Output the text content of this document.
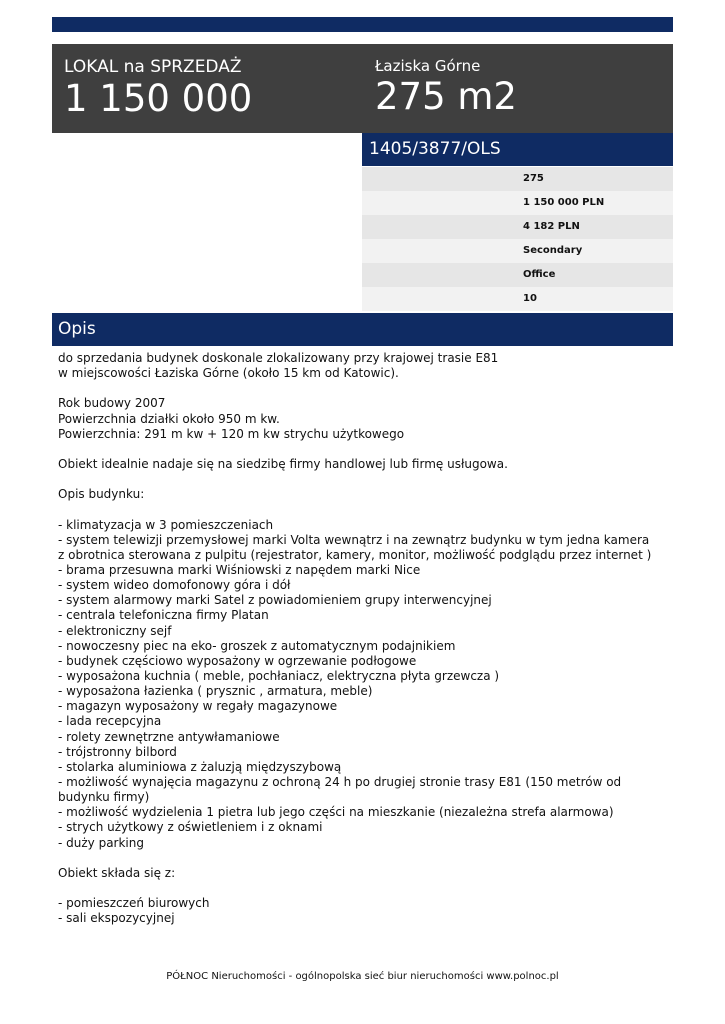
LOKAL na SPRZEDAŻ
1 150 000
Łaziska Górne
275 m2
1405/3877/OLS
275
1 150 000 PLN
4 182 PLN
Secondary
Office
10
Opis
do sprzedania budynek doskonale zlokalizowany przy krajowej trasie E81
w miejscowości Łaziska Górne (około 15 km od Katowic).
Rok budowy 2007
Powierzchnia działki około 950 m kw.
Powierzchnia: 291 m kw + 120 m kw strychu użytkowego
Obiekt idealnie nadaje się na siedzibę firmy handlowej lub firmę usługowa.
Opis budynku:
- klimatyzacja w 3 pomieszczeniach
- system telewizji przemysłowej marki Volta wewnątrz i na zewnątrz budynku w tym jedna kamera
z obrotnica sterowana z pulpitu (rejestrator, kamery, monitor, możliwość podglądu przez internet )
- brama przesuwna marki Wiśniowski z napędem marki Nice
- system wideo domofonowy góra i dół
- system alarmowy marki Satel z powiadomieniem grupy interwencyjnej
- centrala telefoniczna firmy Platan
- elektroniczny sejf
- nowoczesny piec na eko- groszek z automatycznym podajnikiem
- budynek częściowo wyposażony w ogrzewanie podłogowe
- wyposażona kuchnia ( meble, pochłaniacz, elektryczna płyta grzewcza )
- wyposażona łazienka ( prysznic , armatura, meble)
- magazyn wyposażony w regały magazynowe
- lada recepcyjna
- rolety zewnętrzne antywłamaniowe
- trójstronny bilbord
- stolarka aluminiowa z żaluzją międzyszybową
- możliwość wynajęcia magazynu z ochroną 24 h po drugiej stronie trasy E81 (150 metrów od
budynku firmy)
- możliwość wydzielenia 1 pietra lub jego części na mieszkanie (niezależna strefa alarmowa)
- strych użytkowy z oświetleniem i z oknami
- duży parking
Obiekt składa się z:
- pomieszczeń biurowych
- sali ekspozycyjnej
PÓŁNOC Nieruchomości - ogólnopolska sieć biur nieruchomości www.polnoc.pl
